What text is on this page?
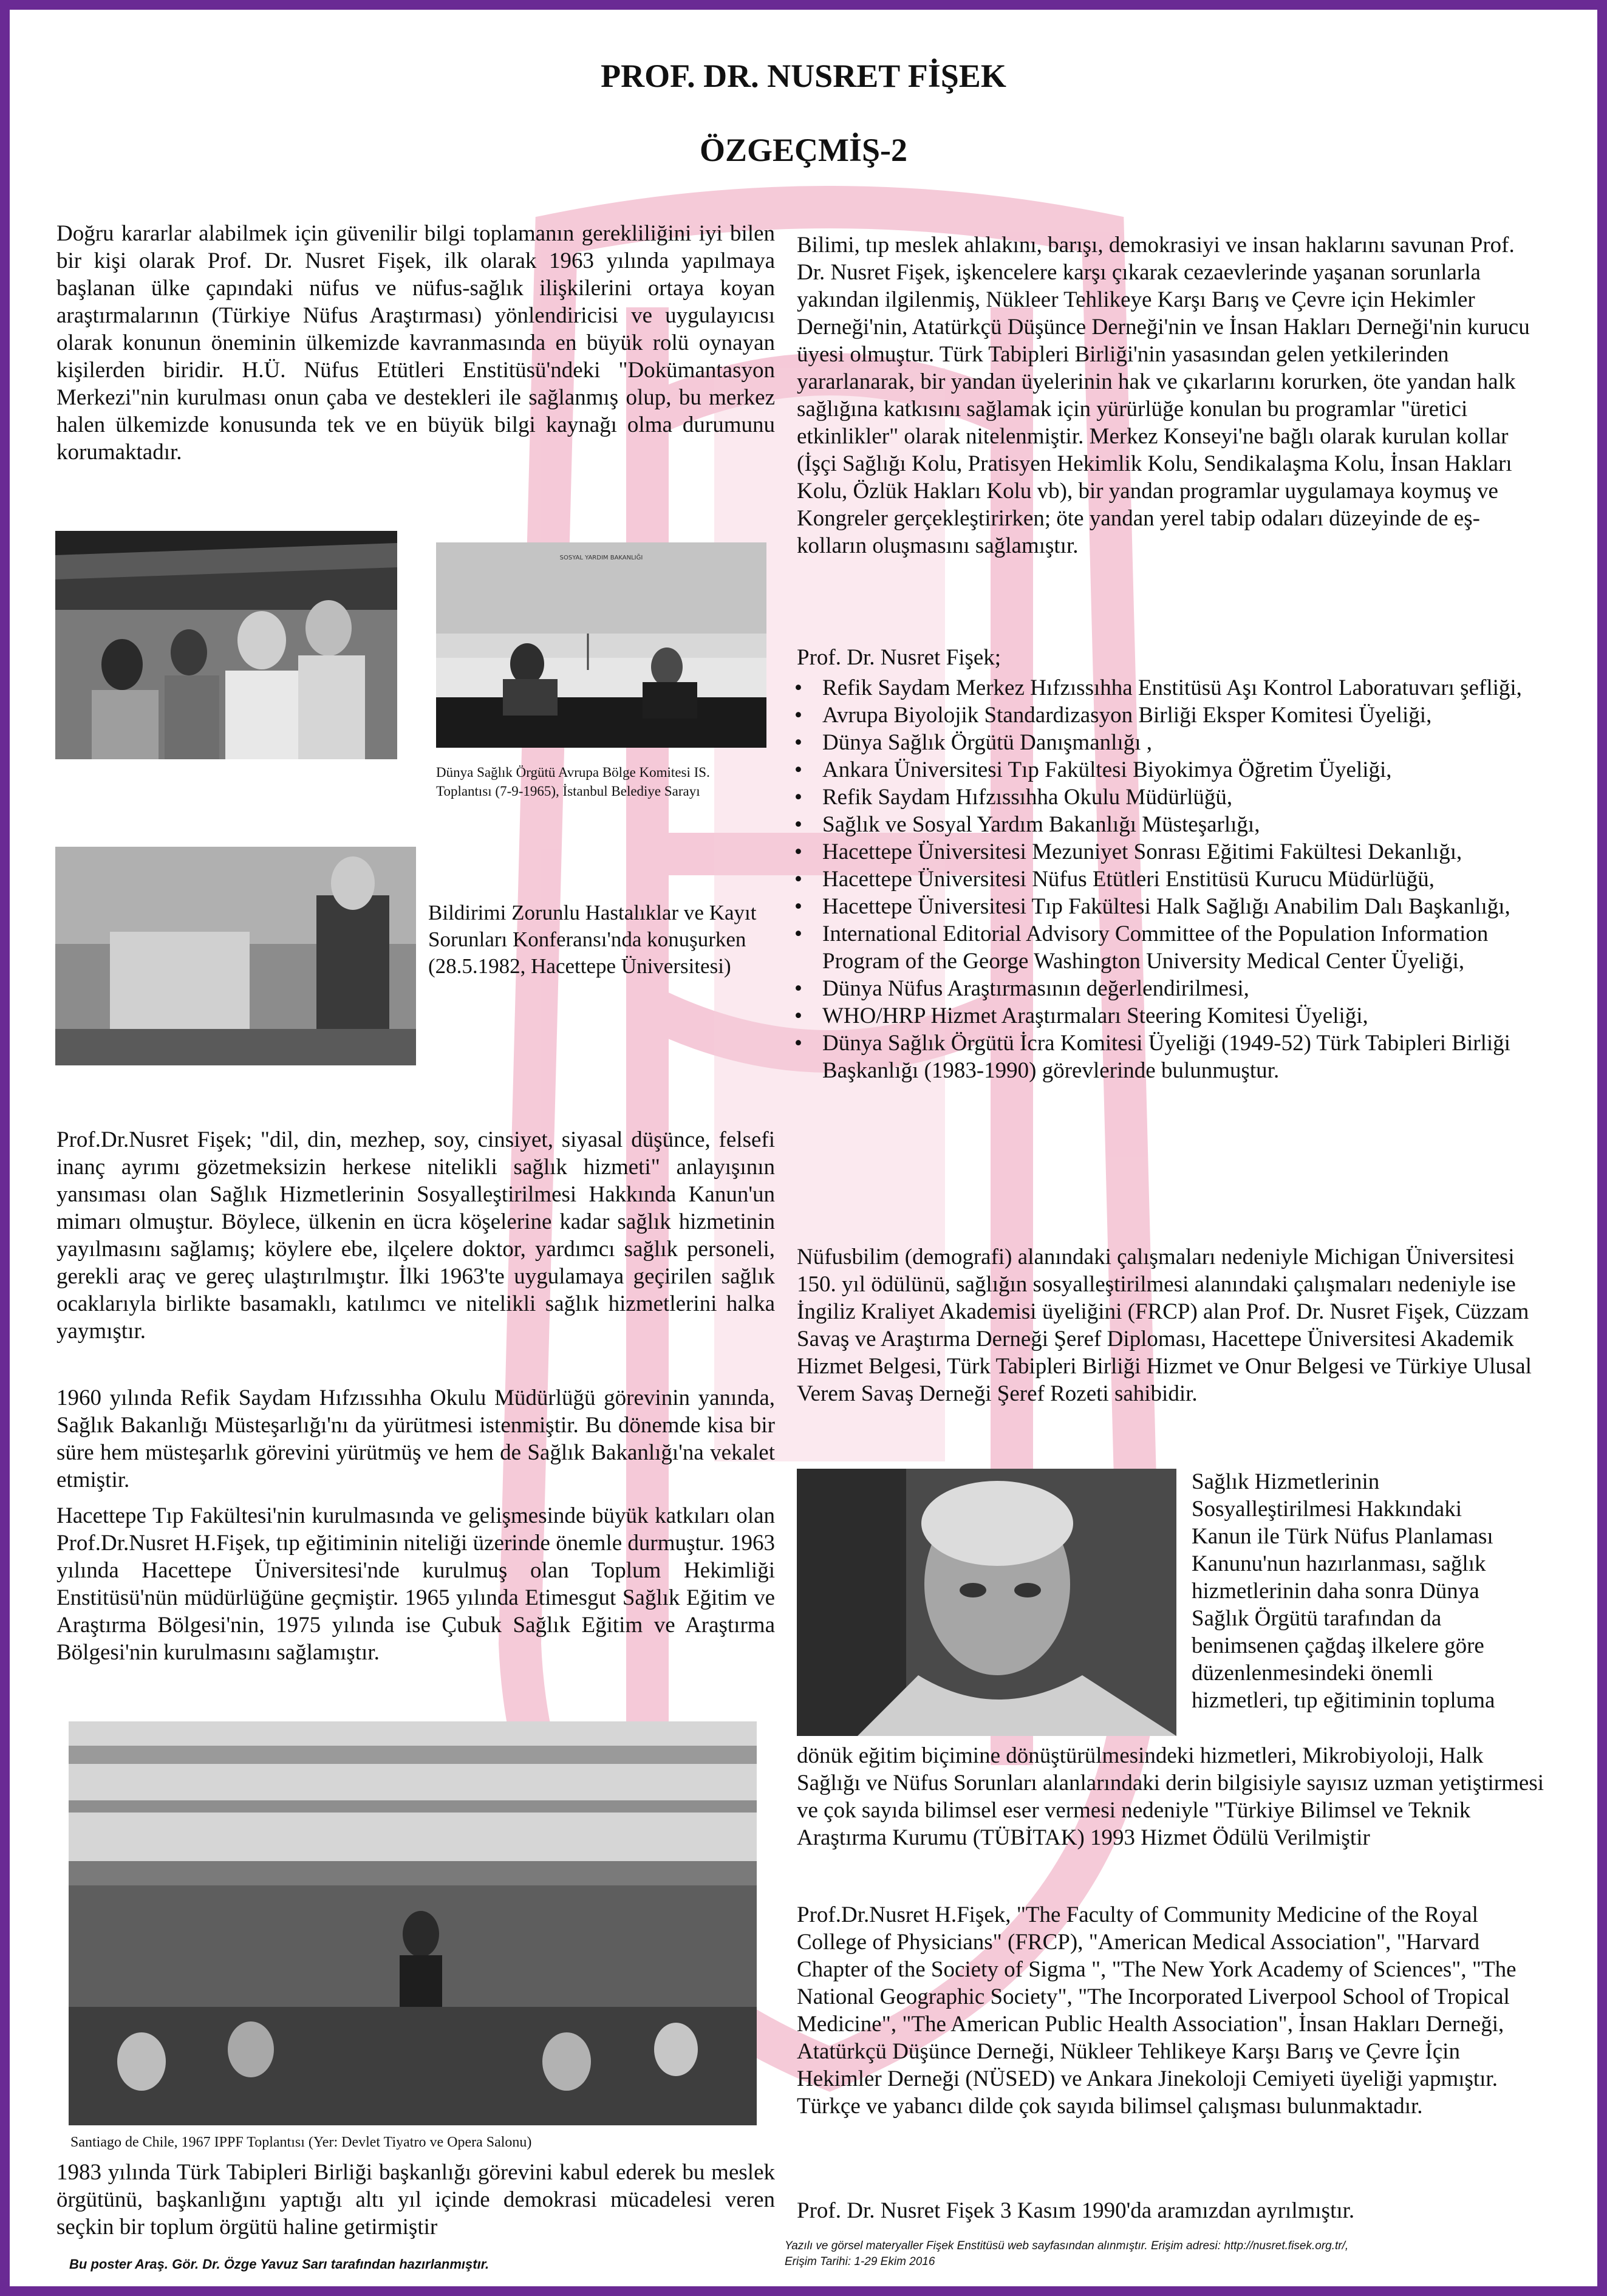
PROF. DR. NUSRET FİŞEK
ÖZGEÇMİŞ-2

Doğru kararlar alabilmek için güvenilir bilgi toplamanın gerekliliğini iyi bilen bir kişi olarak Prof. Dr. Nusret Fişek, ilk olarak 1963 yılında yapılmaya başlanan ülke çapındaki nüfus ve nüfus-sağlık ilişkilerini ortaya koyan araştırmalarının (Türkiye Nüfus Araştırması) yönlendiricisi ve uygulayıcısı olarak konunun öneminin ülkemizde kavranmasında en büyük rolü oynayan kişilerden biridir. H.Ü. Nüfus Etütleri Enstitüsü'ndeki "Dokümantasyon Merkezi"nin kurulması onun çaba ve destekleri ile sağlanmış olup, bu merkez halen ülkemizde konusunda tek ve en büyük bilgi kaynağı olma durumunu korumaktadır.

SOSYAL YARDIM BAKANLIĞI
Dünya Sağlık Örgütü Avrupa Bölge Komitesi IS. Toplantısı (7-9-1965), İstanbul Belediye Sarayı
Bildirimi Zorunlu Hastalıklar ve Kayıt Sorunları Konferansı'nda konuşurken (28.5.1982, Hacettepe Üniversitesi)

Prof.Dr.Nusret Fişek; "dil, din, mezhep, soy, cinsiyet, siyasal düşünce, felsefi inanç ayrımı gözetmeksizin herkese nitelikli sağlık hizmeti" anlayışının yansıması olan Sağlık Hizmetlerinin Sosyalleştirilmesi Hakkında Kanun'un mimarı olmuştur. Böylece, ülkenin en ücra köşelerine kadar sağlık hizmetinin yayılmasını sağlamış; köylere ebe, ilçelere doktor, yardımcı sağlık personeli, gerekli araç ve gereç ulaştırılmıştır. İlki 1963'te uygulamaya geçirilen sağlık ocaklarıyla birlikte basamaklı, katılımcı ve nitelikli sağlık hizmetlerini halka yaymıştır.

1960 yılında Refik Saydam Hıfzıssıhha Okulu Müdürlüğü görevinin yanında, Sağlık Bakanlığı Müsteşarlığı'nı da yürütmesi istenmiştir. Bu dönemde kisa bir süre hem müsteşarlık görevini yürütmüş ve hem de Sağlık Bakanlığı'na vekalet etmiştir.

Hacettepe Tıp Fakültesi'nin kurulmasında ve gelişmesinde büyük katkıları olan Prof.Dr.Nusret H.Fişek, tıp eğitiminin niteliği üzerinde önemle durmuştur. 1963 yılında Hacettepe Üniversitesi'nde kurulmuş olan Toplum Hekimliği Enstitüsü'nün müdürlüğüne geçmiştir. 1965 yılında Etimesgut Sağlık Eğitim ve Araştırma Bölgesi'nin, 1975 yılında ise Çubuk Sağlık Eğitim ve Araştırma Bölgesi'nin kurulmasını sağlamıştır.

Santiago de Chile, 1967 IPPF Toplantısı (Yer: Devlet Tiyatro ve Opera Salonu)

1983 yılında Türk Tabipleri Birliği başkanlığı görevini kabul ederek bu meslek örgütünü, başkanlığını yaptığı altı yıl içinde demokrasi mücadelesi veren seçkin bir toplum örgütü haline getirmiştir

Bilimi, tıp meslek ahlakını, barışı, demokrasiyi ve insan haklarını savunan Prof. Dr. Nusret Fişek, işkencelere karşı çıkarak cezaevlerinde yaşanan sorunlarla yakından ilgilenmiş, Nükleer Tehlikeye Karşı Barış ve Çevre için Hekimler Derneği'nin, Atatürkçü Düşünce Derneği'nin ve İnsan Hakları Derneği'nin kurucu üyesi olmuştur. Türk Tabipleri Birliği'nin yasasından gelen yetkilerinden yararlanarak, bir yandan üyelerinin hak ve çıkarlarını korurken, öte yandan halk sağlığına katkısını sağlamak için yürürlüğe konulan bu programlar "üretici etkinlikler" olarak nitelenmiştir. Merkez Konseyi'ne bağlı olarak kurulan kollar (İşçi Sağlığı Kolu, Pratisyen Hekimlik Kolu, Sendikalaşma Kolu, İnsan Hakları Kolu, Özlük Hakları Kolu vb), bir yandan programlar uygulamaya koymuş ve Kongreler gerçekleştirirken; öte yandan yerel tabip odaları düzeyinde de eş-kolların oluşmasını sağlamıştır.

Prof. Dr. Nusret Fişek;

• Refik Saydam Merkez Hıfzıssıhha Enstitüsü Aşı Kontrol Laboratuvarı şefliği,
• Avrupa Biyolojik Standardizasyon Birliği Eksper Komitesi Üyeliği,
• Dünya Sağlık Örgütü Danışmanlığı ,
• Ankara Üniversitesi Tıp Fakültesi Biyokimya Öğretim Üyeliği,
• Refik Saydam Hıfzıssıhha Okulu Müdürlüğü,
• Sağlık ve Sosyal Yardım Bakanlığı Müsteşarlığı,
• Hacettepe Üniversitesi Mezuniyet Sonrası Eğitimi Fakültesi Dekanlığı,
• Hacettepe Üniversitesi Nüfus Etütleri Enstitüsü Kurucu Müdürlüğü,
• Hacettepe Üniversitesi Tıp Fakültesi Halk Sağlığı Anabilim Dalı Başkanlığı,
• International Editorial Advisory Committee of the Population Information Program of the George Washington University Medical Center Üyeliği,
• Dünya Nüfus Araştırmasının değerlendirilmesi,
• WHO/HRP Hizmet Araştırmaları Steering Komitesi Üyeliği,
• Dünya Sağlık Örgütü İcra Komitesi Üyeliği (1949-52) Türk Tabipleri Birliği Başkanlığı (1983-1990) görevlerinde bulunmuştur.

Nüfusbilim (demografi) alanındaki çalışmaları nedeniyle Michigan Üniversitesi 150. yıl ödülünü, sağlığın sosyalleştirilmesi alanındaki çalışmaları nedeniyle ise İngiliz Kraliyet Akademisi üyeliğini (FRCP) alan Prof. Dr. Nusret Fişek, Cüzzam Savaş ve Araştırma Derneği Şeref Diploması, Hacettepe Üniversitesi Akademik Hizmet Belgesi, Türk Tabipleri Birliği Hizmet ve Onur Belgesi ve Türkiye Ulusal Verem Savaş Derneği Şeref Rozeti sahibidir.

Sağlık Hizmetlerinin
Sosyalleştirilmesi Hakkındaki
Kanun ile Türk Nüfus Planlaması
Kanunu'nun hazırlanması, sağlık
hizmetlerinin daha sonra Dünya
Sağlık Örgütü tarafından da
benimsenen çağdaş ilkelere göre
düzenlenmesindeki önemli
hizmetleri, tıp eğitiminin topluma

dönük eğitim biçimine dönüştürülmesindeki hizmetleri, Mikrobiyoloji, Halk Sağlığı ve Nüfus Sorunları alanlarındaki derin bilgisiyle sayısız uzman yetiştirmesi ve çok sayıda bilimsel eser vermesi nedeniyle "Türkiye Bilimsel ve Teknik Araştırma Kurumu (TÜBİTAK) 1993 Hizmet Ödülü Verilmiştir

Prof.Dr.Nusret H.Fişek, "The Faculty of Community Medicine of the Royal College of Physicians" (FRCP), "American Medical Association", "Harvard Chapter of the Society of Sigma ", "The New York Academy of Sciences", "The National Geographic Society", "The Incorporated Liverpool School of Tropical Medicine", "The American Public Health Association", İnsan Hakları Derneği, Atatürkçü Düşünce Derneği, Nükleer Tehlikeye Karşı Barış ve Çevre İçin Hekimler Derneği (NÜSED) ve Ankara Jinekoloji Cemiyeti üyeliği yapmıştır. Türkçe ve yabancı dilde çok sayıda bilimsel çalışması bulunmaktadır.

Prof. Dr. Nusret Fişek 3 Kasım 1990'da aramızdan ayrılmıştır.

Bu poster Araş. Gör. Dr. Özge Yavuz Sarı tarafından hazırlanmıştır.
Yazılı ve görsel materyaller Fişek Enstitüsü web sayfasından alınmıştır. Erişim adresi: http://nusret.fisek.org.tr/,
Erişim Tarihi: 1-29 Ekim 2016
